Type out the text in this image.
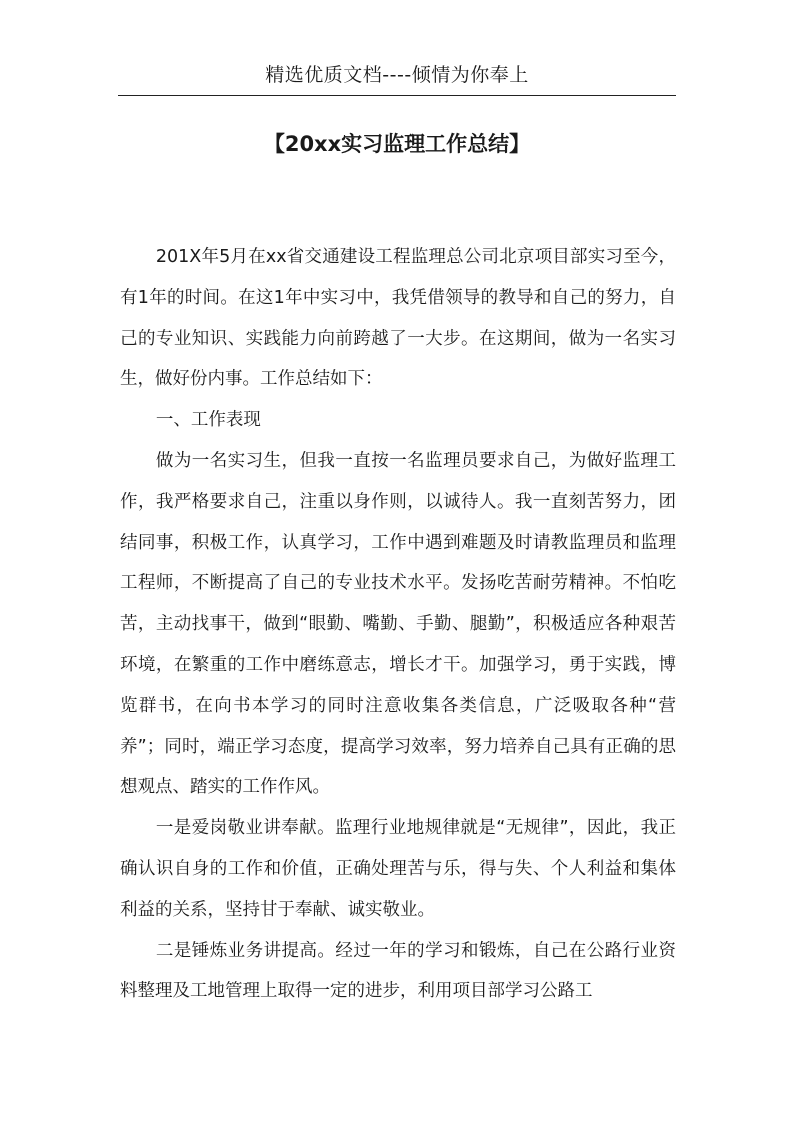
精选优质文档----倾情为你奉上
【20xx实习监理工作总结】

201X年5月在xx省交通建设工程监理总公司北京项目部实习至今，有1年的时间。在这1年中实习中，我凭借领导的教导和自己的努力，自己的专业知识、实践能力向前跨越了一大步。在这期间，做为一名实习生，做好份内事。工作总结如下：

一、工作表现

做为一名实习生，但我一直按一名监理员要求自己，为做好监理工作，我严格要求自己，注重以身作则，以诚待人。我一直刻苦努力，团结同事，积极工作，认真学习，工作中遇到难题及时请教监理员和监理工程师，不断提高了自己的专业技术水平。发扬吃苦耐劳精神。不怕吃苦，主动找事干，做到“眼勤、嘴勤、手勤、腿勤”，积极适应各种艰苦环境，在繁重的工作中磨练意志，增长才干。加强学习，勇于实践，博览群书，在向书本学习的同时注意收集各类信息，广泛吸取各种“营养”；同时，端正学习态度，提高学习效率，努力培养自己具有正确的思想观点、踏实的工作作风。

一是爱岗敬业讲奉献。监理行业地规律就是“无规律”，因此，我正确认识自身的工作和价值，正确处理苦与乐，得与失、个人利益和集体利益的关系，坚持甘于奉献、诚实敬业。

二是锤炼业务讲提高。经过一年的学习和锻炼，自己在公路行业资料整理及工地管理上取得一定的进步，利用项目部学习公路工
